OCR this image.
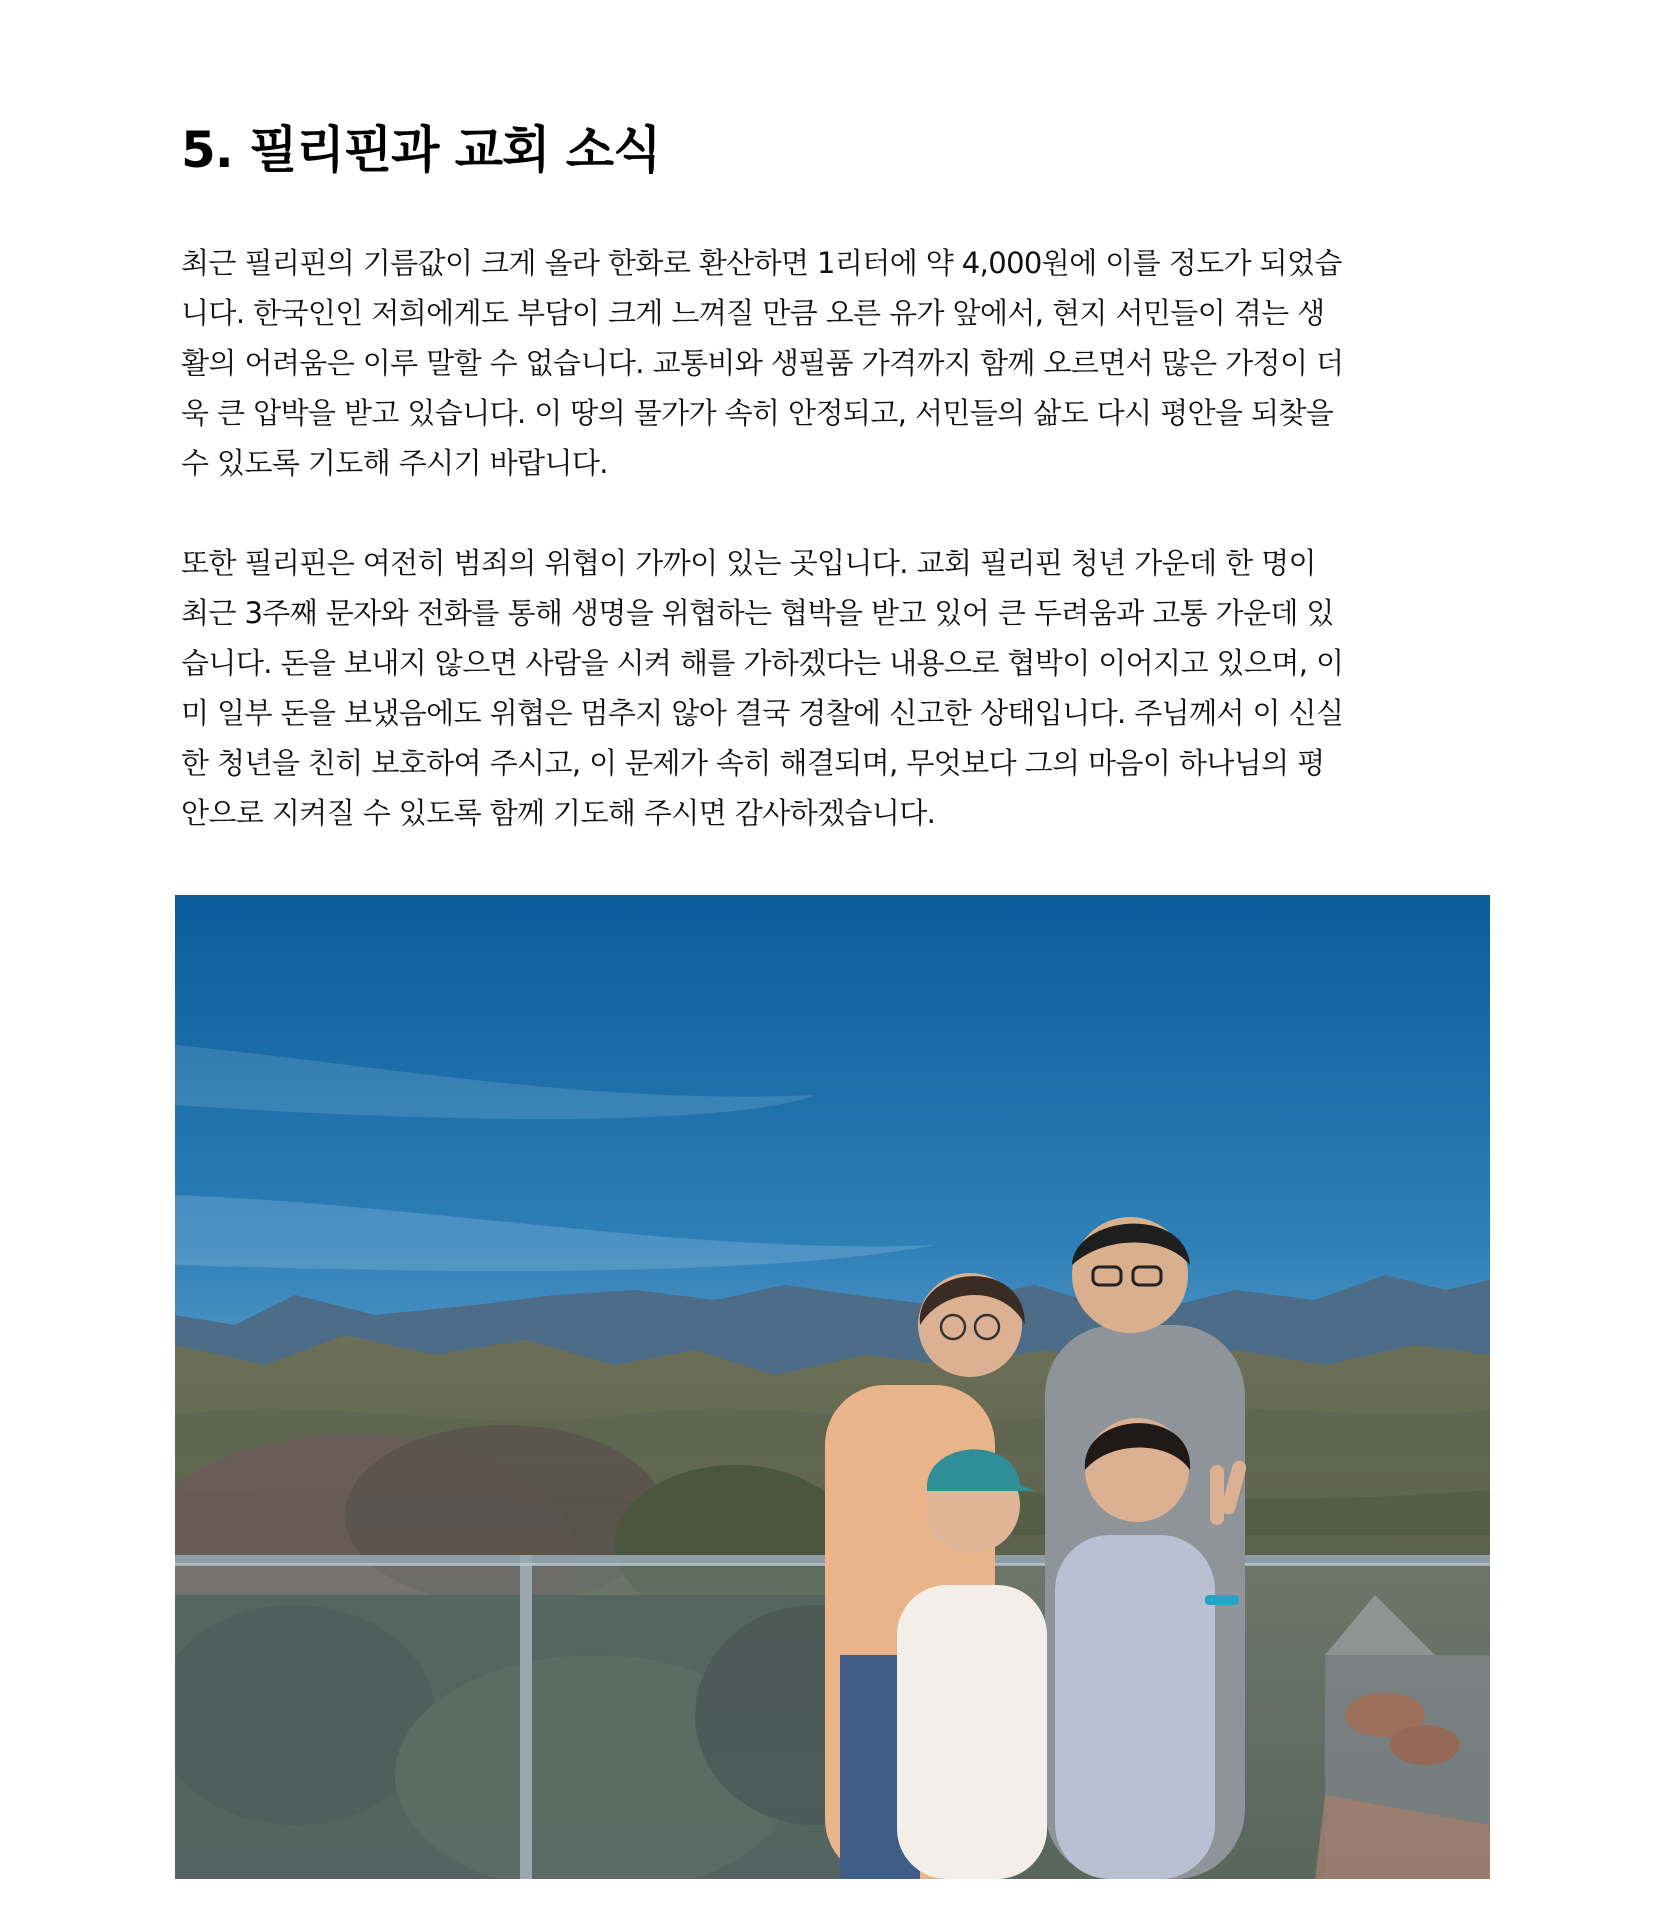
5. 필리핀과 교회 소식
최근 필리핀의 기름값이 크게 올라 한화로 환산하면 1리터에 약 4,000원에 이를 정도가 되었습
니다. 한국인인 저희에게도 부담이 크게 느껴질 만큼 오른 유가 앞에서, 현지 서민들이 겪는 생
활의 어려움은 이루 말할 수 없습니다. 교통비와 생필품 가격까지 함께 오르면서 많은 가정이 더
욱 큰 압박을 받고 있습니다. 이 땅의 물가가 속히 안정되고, 서민들의 삶도 다시 평안을 되찾을
수 있도록 기도해 주시기 바랍니다.
또한 필리핀은 여전히 범죄의 위협이 가까이 있는 곳입니다. 교회 필리핀 청년 가운데 한 명이
최근 3주째 문자와 전화를 통해 생명을 위협하는 협박을 받고 있어 큰 두려움과 고통 가운데 있
습니다. 돈을 보내지 않으면 사람을 시켜 해를 가하겠다는 내용으로 협박이 이어지고 있으며, 이
미 일부 돈을 보냈음에도 위협은 멈추지 않아 결국 경찰에 신고한 상태입니다. 주님께서 이 신실
한 청년을 친히 보호하여 주시고, 이 문제가 속히 해결되며, 무엇보다 그의 마음이 하나님의 평
안으로 지켜질 수 있도록 함께 기도해 주시면 감사하겠습니다.
